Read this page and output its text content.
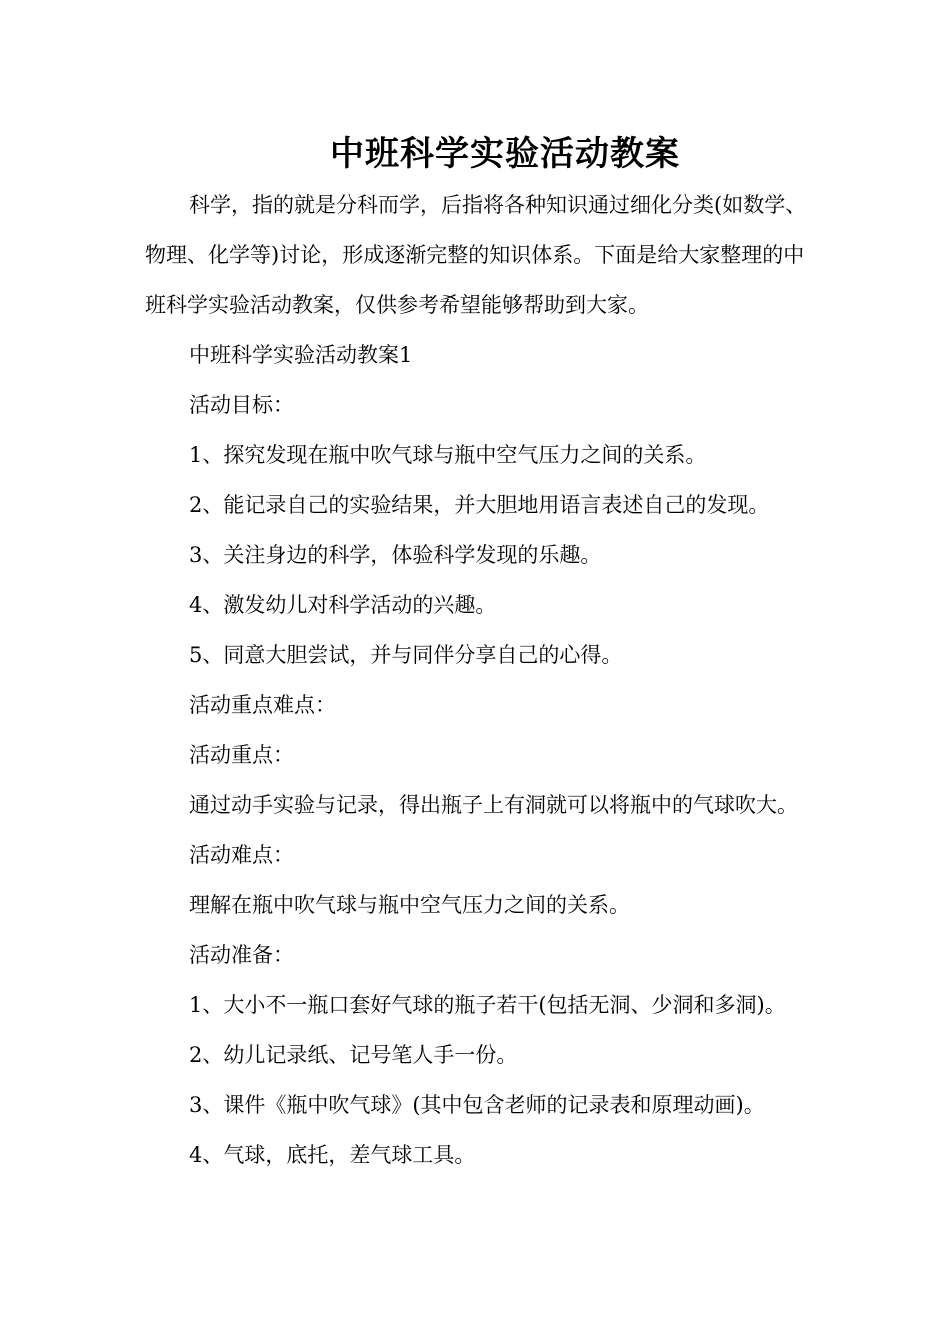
中班科学实验活动教案

科学，指的就是分科而学，后指将各种知识通过细化分类(如数学、物理、化学等)讨论，形成逐渐完整的知识体系。下面是给大家整理的中班科学实验活动教案，仅供参考希望能够帮助到大家。

中班科学实验活动教案1

活动目标：

1、探究发现在瓶中吹气球与瓶中空气压力之间的关系。

2、能记录自己的实验结果，并大胆地用语言表述自己的发现。

3、关注身边的科学，体验科学发现的乐趣。

4、激发幼儿对科学活动的兴趣。

5、同意大胆尝试，并与同伴分享自己的心得。

活动重点难点：

活动重点：

通过动手实验与记录，得出瓶子上有洞就可以将瓶中的气球吹大。

活动难点：

理解在瓶中吹气球与瓶中空气压力之间的关系。

活动准备：

1、大小不一瓶口套好气球的瓶子若干(包括无洞、少洞和多洞)。

2、幼儿记录纸、记号笔人手一份。

3、课件《瓶中吹气球》(其中包含老师的记录表和原理动画)。

4、气球，底托，差气球工具。
